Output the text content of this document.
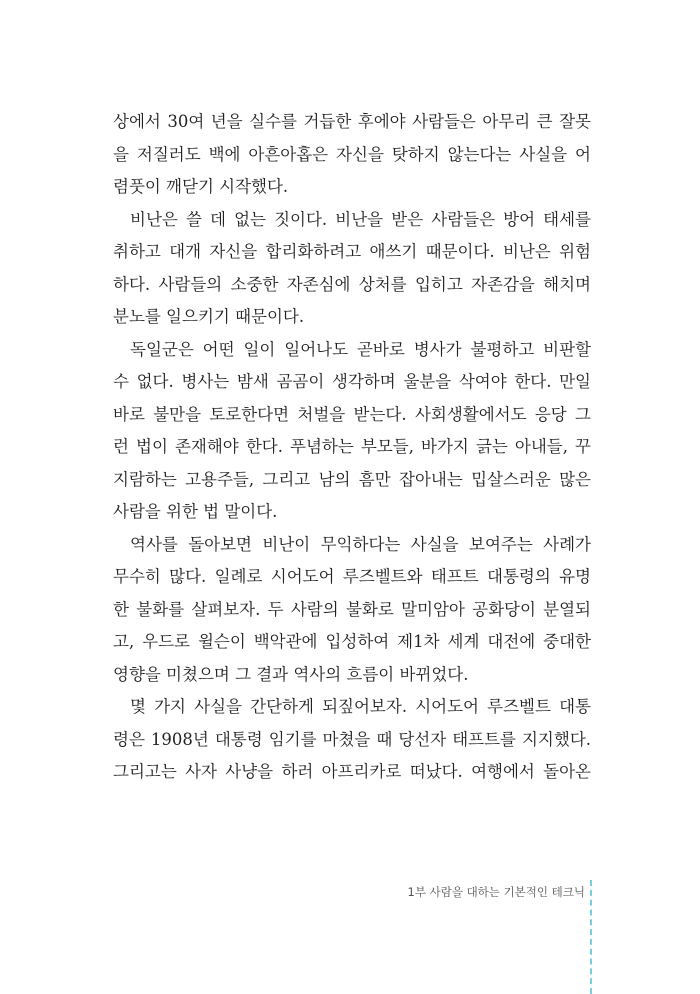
상에서 30여 년을 실수를 거듭한 후에야 사람들은 아무리 큰 잘못
을 저질러도 백에 아흔아홉은 자신을 탓하지 않는다는 사실을 어
렴풋이 깨닫기 시작했다.
비난은 쓸 데 없는 짓이다. 비난을 받은 사람들은 방어 태세를
취하고 대개 자신을 합리화하려고 애쓰기 때문이다. 비난은 위험
하다. 사람들의 소중한 자존심에 상처를 입히고 자존감을 해치며
분노를 일으키기 때문이다.
독일군은 어떤 일이 일어나도 곧바로 병사가 불평하고 비판할
수 없다. 병사는 밤새 곰곰이 생각하며 울분을 삭여야 한다. 만일
바로 불만을 토로한다면 처벌을 받는다. 사회생활에서도 응당 그
런 법이 존재해야 한다. 푸념하는 부모들, 바가지 긁는 아내들, 꾸
지람하는 고용주들, 그리고 남의 흠만 잡아내는 밉살스러운 많은
사람을 위한 법 말이다.
역사를 돌아보면 비난이 무익하다는 사실을 보여주는 사례가
무수히 많다. 일례로 시어도어 루즈벨트와 태프트 대통령의 유명
한 불화를 살펴보자. 두 사람의 불화로 말미암아 공화당이 분열되
고, 우드로 윌슨이 백악관에 입성하여 제1차 세계 대전에 중대한
영향을 미쳤으며 그 결과 역사의 흐름이 바뀌었다.
몇 가지 사실을 간단하게 되짚어보자. 시어도어 루즈벨트 대통
령은 1908년 대통령 임기를 마쳤을 때 당선자 태프트를 지지했다.
그리고는 사자 사냥을 하러 아프리카로 떠났다. 여행에서 돌아온
1부 사람을 대하는 기본적인 테크닉
